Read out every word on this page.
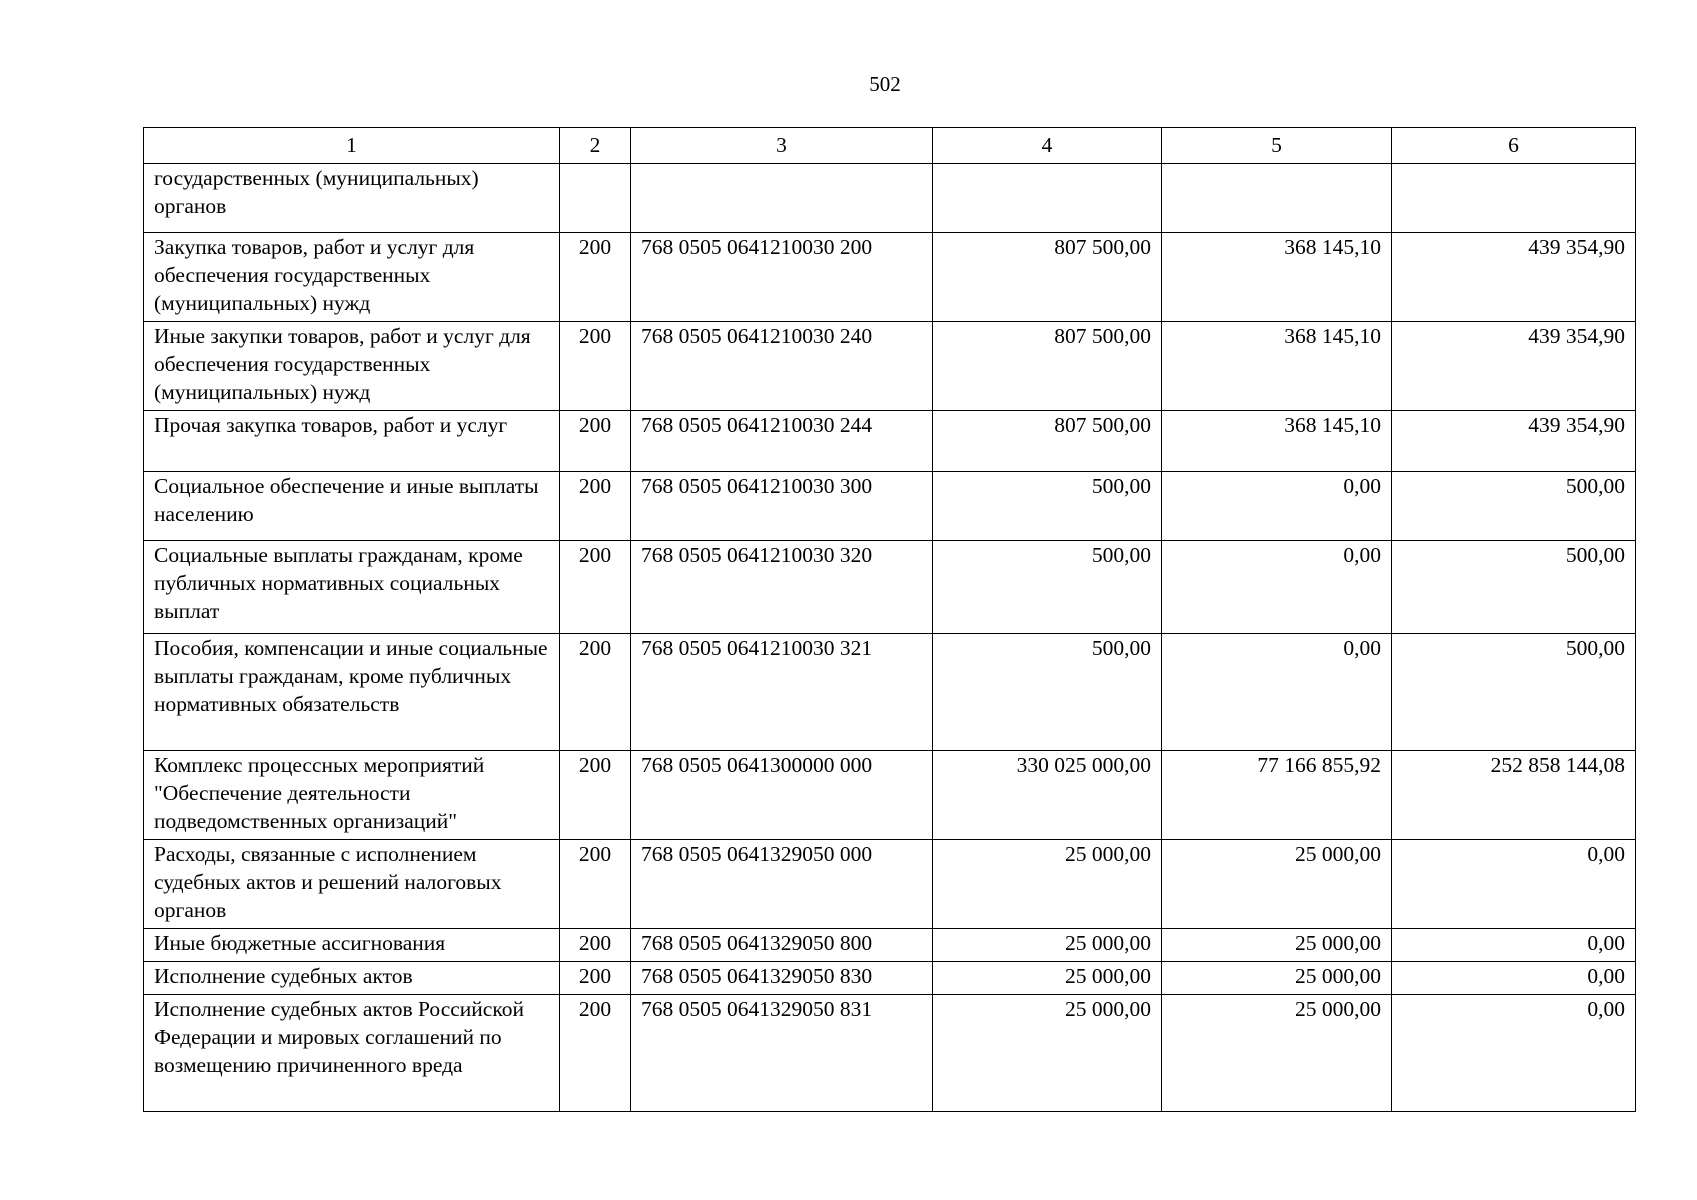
502
1	2	3	4	5	6
государственных (муниципальных) органов					
Закупка товаров, работ и услуг для обеспечения государственных (муниципальных) нужд	200	768 0505 0641210030 200	807 500,00	368 145,10	439 354,90
Иные закупки товаров, работ и услуг для обеспечения государственных (муниципальных) нужд	200	768 0505 0641210030 240	807 500,00	368 145,10	439 354,90
Прочая закупка товаров, работ и услуг	200	768 0505 0641210030 244	807 500,00	368 145,10	439 354,90
Социальное обеспечение и иные выплаты населению	200	768 0505 0641210030 300	500,00	0,00	500,00
Социальные выплаты гражданам, кроме публичных нормативных социальных выплат	200	768 0505 0641210030 320	500,00	0,00	500,00
Пособия, компенсации и иные социальные выплаты гражданам, кроме публичных нормативных обязательств	200	768 0505 0641210030 321	500,00	0,00	500,00
Комплекс процессных мероприятий "Обеспечение деятельности подведомственных организаций"	200	768 0505 0641300000 000	330 025 000,00	77 166 855,92	252 858 144,08
Расходы, связанные с исполнением судебных актов и решений налоговых органов	200	768 0505 0641329050 000	25 000,00	25 000,00	0,00
Иные бюджетные ассигнования	200	768 0505 0641329050 800	25 000,00	25 000,00	0,00
Исполнение судебных актов	200	768 0505 0641329050 830	25 000,00	25 000,00	0,00
Исполнение судебных актов Российской Федерации и мировых соглашений по возмещению причиненного вреда	200	768 0505 0641329050 831	25 000,00	25 000,00	0,00
